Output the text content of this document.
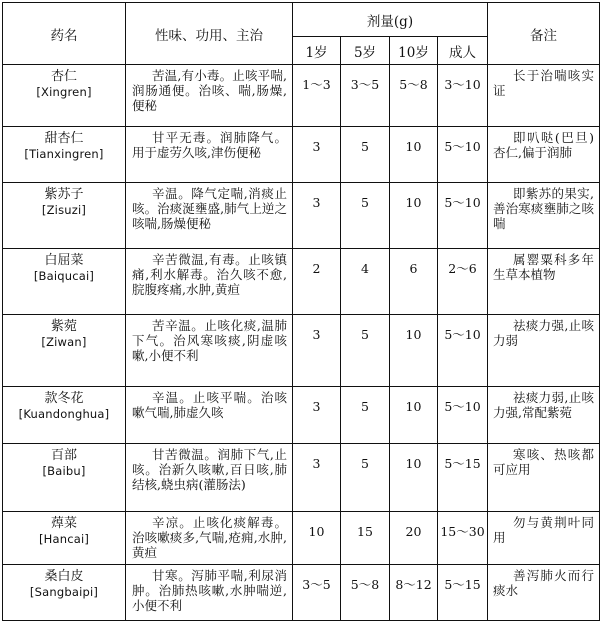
药名	性味、功用、主治	剂量(g)				备注
		1岁	5岁	10岁	成人	

杏仁
[Xingren]	苦温,有小毒。止咳平喘,润肠通便。治咳、喘,肠燥,便秘	1～3	3～5	5～8	3～10	长于治喘咳实证

甜杏仁
[Tianxingren]	甘平无毒。润肺降气。用于虚劳久咳,津伤便秘	3	5	10	5～10	即叭哒(巴旦)杏仁,偏于润肺

紫苏子
[Zisuzi]	辛温。降气定喘,消痰止咳。治痰涎壅盛,肺气上逆之咳喘,肠燥便秘	3	5	10	5～10	即紫苏的果实,善治寒痰壅肺之咳喘

白屈菜
[Baiqucai]	辛苦微温,有毒。止咳镇痛,利水解毒。治久咳不愈,脘腹疼痛,水肿,黄疸	2	4	6	2～6	属罂粟科多年生草本植物

紫菀
[Ziwan]	苦辛温。止咳化痰,温肺下气。治风寒咳痰,阴虚咳嗽,小便不利	3	5	10	5～10	祛痰力强,止咳力弱

款冬花
[Kuandonghua]	辛温。止咳平喘。治咳嗽气喘,肺虚久咳	3	5	10	5～10	祛痰力弱,止咳力强,常配紫菀

百部
[Baibu]	甘苦微温。润肺下气,止咳。治新久咳嗽,百日咳,肺结核,蛲虫病(灌肠法)	3	5	10	5～15	寒咳、热咳都可应用

蔊菜
[Hancai]	辛凉。止咳化痰解毒。治咳嗽痰多,气喘,疮痈,水肿,黄疸	10	15	20	15～30	勿与黄荆叶同用

桑白皮
[Sangbaipi]	甘寒。泻肺平喘,利尿消肿。治肺热咳嗽,水肿喘逆,小便不利	3～5	5～8	8～12	5～15	善泻肺火而行痰水
